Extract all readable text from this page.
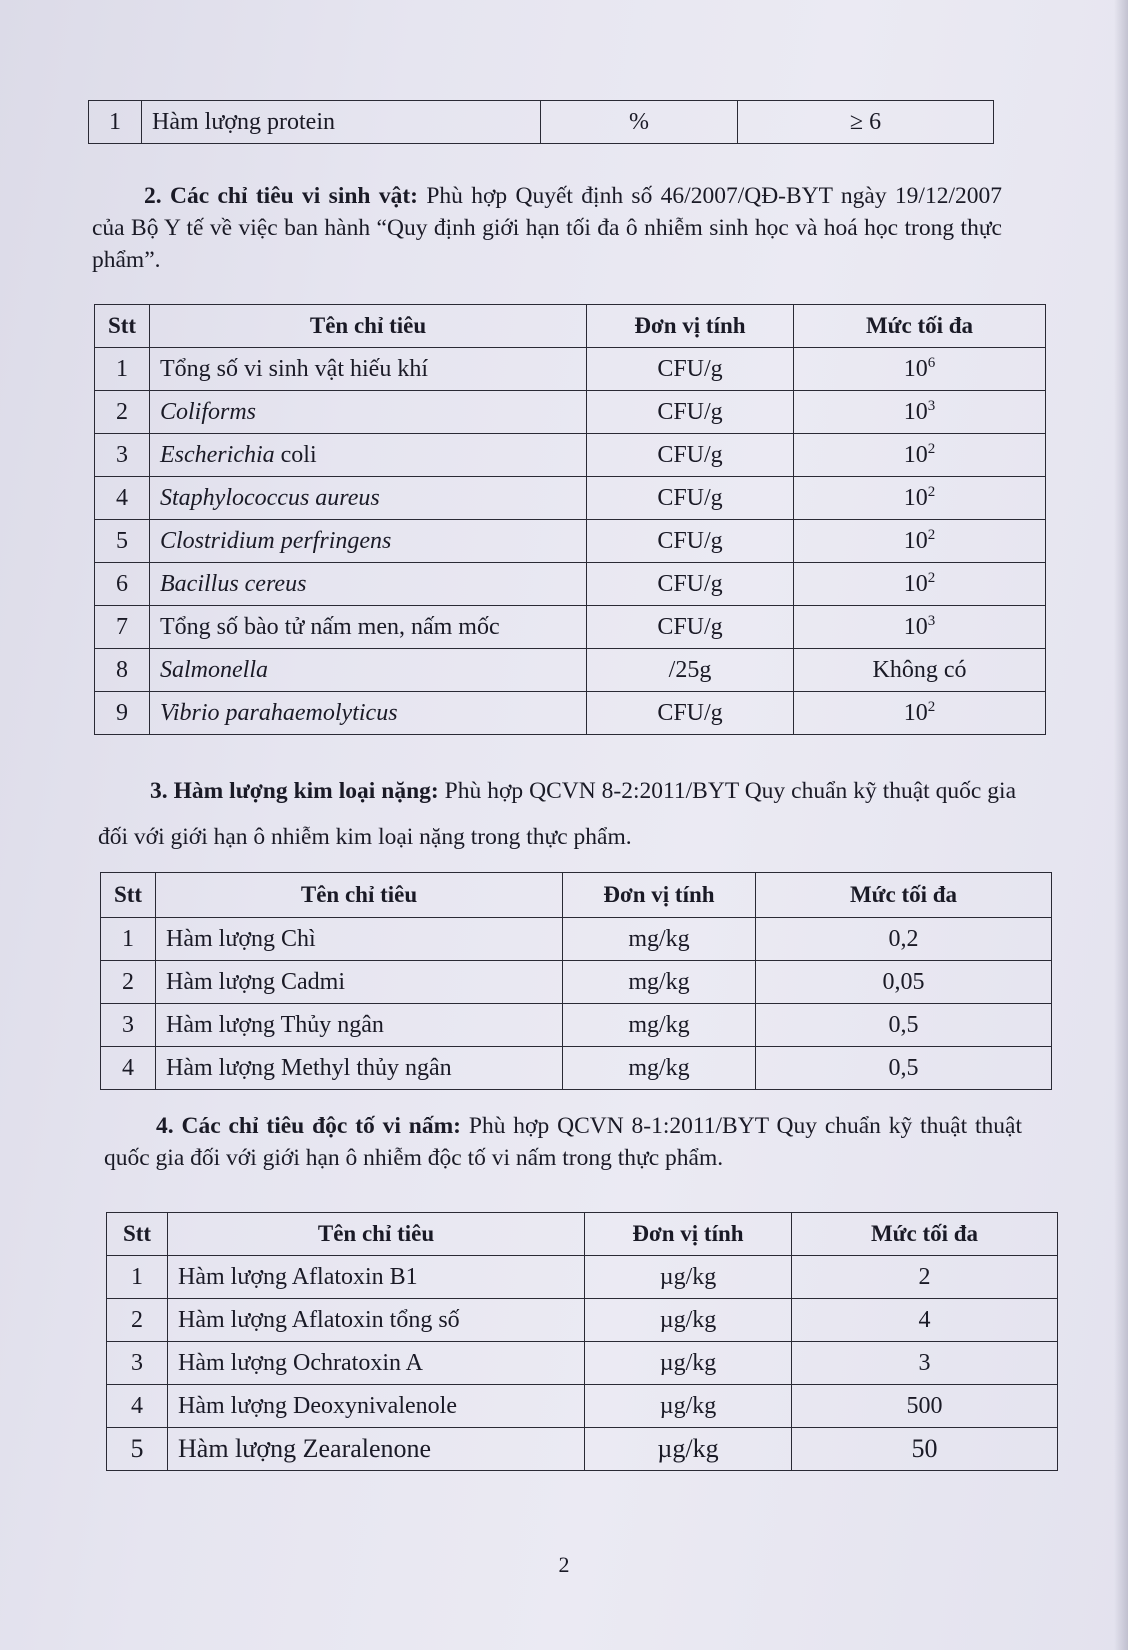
1	Hàm lượng protein	%	≥ 6
2. Các chỉ tiêu vi sinh vật: Phù hợp Quyết định số 46/2007/QĐ-BYT ngày 19/12/2007 của Bộ Y tế về việc ban hành “Quy định giới hạn tối đa ô nhiễm sinh học và hoá học trong thực phẩm”.
Stt	Tên chỉ tiêu	Đơn vị tính	Mức tối đa
1	Tổng số vi sinh vật hiếu khí	CFU/g	$10^6$
2	Coliforms	CFU/g	$10^3$
3	Escherichia coli	CFU/g	$10^2$
4	Staphylococcus aureus	CFU/g	$10^2$
5	Clostridium perfringens	CFU/g	$10^2$
6	Bacillus cereus	CFU/g	$10^2$
7	Tổng số bào tử nấm men, nấm mốc	CFU/g	$10^3$
8	Salmonella	/25g	Không có
9	Vibrio parahaemolyticus	CFU/g	$10^2$
3. Hàm lượng kim loại nặng: Phù hợp QCVN 8-2:2011/BYT Quy chuẩn kỹ thuật quốc gia đối với giới hạn ô nhiễm kim loại nặng trong thực phẩm.
Stt	Tên chỉ tiêu	Đơn vị tính	Mức tối đa
1	Hàm lượng Chì	mg/kg	0,2
2	Hàm lượng Cadmi	mg/kg	0,05
3	Hàm lượng Thủy ngân	mg/kg	0,5
4	Hàm lượng Methyl thủy ngân	mg/kg	0,5
4. Các chỉ tiêu độc tố vi nấm: Phù hợp QCVN 8-1:2011/BYT Quy chuẩn kỹ thuật thuật quốc gia đối với giới hạn ô nhiễm độc tố vi nấm trong thực phẩm.
Stt	Tên chỉ tiêu	Đơn vị tính	Mức tối đa
1	Hàm lượng Aflatoxin B1	µg/kg	2
2	Hàm lượng Aflatoxin tổng số	µg/kg	4
3	Hàm lượng Ochratoxin A	µg/kg	3
4	Hàm lượng Deoxynivalenole	µg/kg	500
5	Hàm lượng Zearalenone	µg/kg	50
2
